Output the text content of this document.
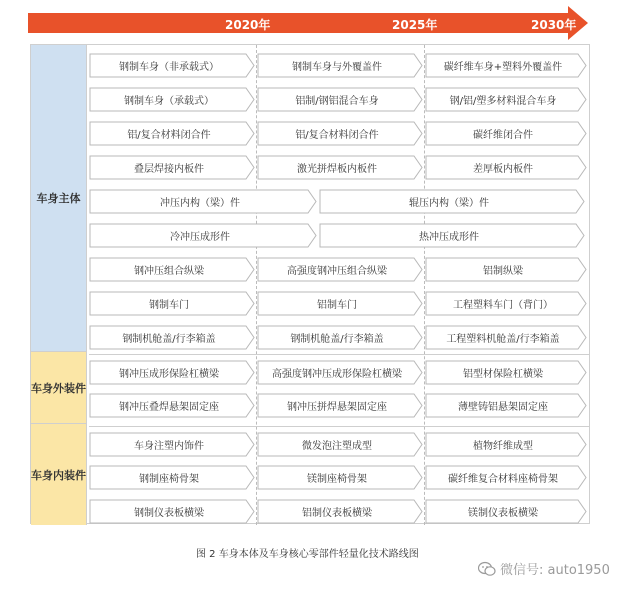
2020年	2025年	2030年
车身主体
车身外装件
车身内装件
钢制车身（非承载式）	钢制车身与外覆盖件	碳纤维车身+塑料外覆盖件
钢制车身（承载式）	铝制/钢铝混合车身	钢/铝/塑多材料混合车身
铝/复合材料闭合件	铝/复合材料闭合件	碳纤维闭合件
叠层焊接内板件	激光拼焊板内板件	差厚板内板件
冲压内构（梁）件	辊压内构（梁）件
冷冲压成形件	热冲压成形件
钢冲压组合纵梁	高强度钢冲压组合纵梁	铝制纵梁
钢制车门	铝制车门	工程塑料车门（背门）
钢制机舱盖/行李箱盖	钢制机舱盖/行李箱盖	工程塑料机舱盖/行李箱盖
钢冲压成形保险杠横梁	高强度钢冲压成形保险杠横梁	铝型材保险杠横梁
钢冲压叠焊悬架固定座	钢冲压拼焊悬架固定座	薄壁铸铝悬架固定座
车身注塑内饰件	微发泡注塑成型	植物纤维成型
钢制座椅骨架	镁制座椅骨架	碳纤维复合材料座椅骨架
钢制仪表板横梁	铝制仪表板横梁	镁制仪表板横梁
图 2 车身本体及车身核心零部件轻量化技术路线图
微信号: auto1950
